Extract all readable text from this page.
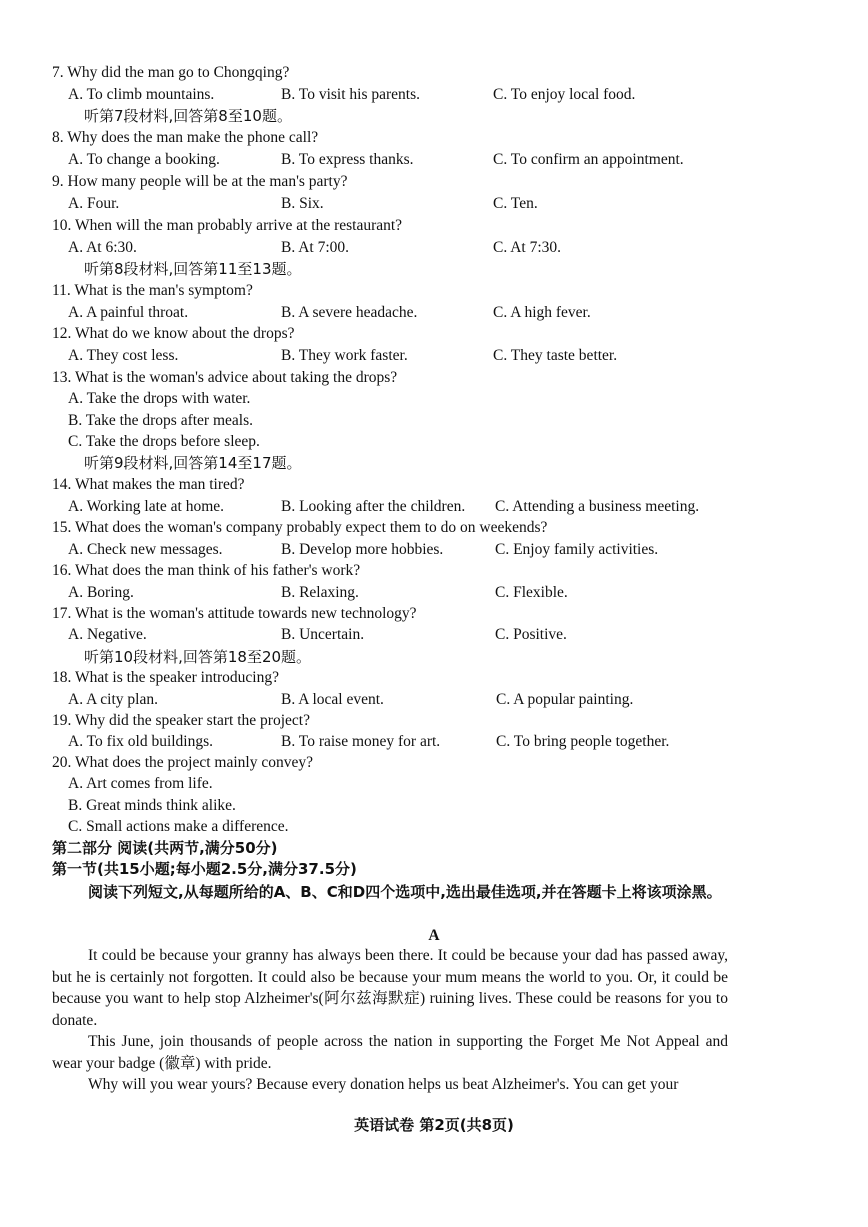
7. Why did the man go to Chongqing?
A. To climb mountains.	B. To visit his parents.	C. To enjoy local food.
听第7段材料,回答第8至10题。
8. Why does the man make the phone call?
A. To change a booking.	B. To express thanks.	C. To confirm an appointment.
9. How many people will be at the man's party?
A. Four.	B. Six.	C. Ten.
10. When will the man probably arrive at the restaurant?
A. At 6:30.	B. At 7:00.	C. At 7:30.
听第8段材料,回答第11至13题。
11. What is the man's symptom?
A. A painful throat.	B. A severe headache.	C. A high fever.
12. What do we know about the drops?
A. They cost less.	B. They work faster.	C. They taste better.
13. What is the woman's advice about taking the drops?
A. Take the drops with water.
B. Take the drops after meals.
C. Take the drops before sleep.
听第9段材料,回答第14至17题。
14. What makes the man tired?
A. Working late at home.	B. Looking after the children. C. Attending a business meeting.
15. What does the woman's company probably expect them to do on weekends?
A. Check new messages.	B. Develop more hobbies.	C. Enjoy family activities.
16. What does the man think of his father's work?
A. Boring.	B. Relaxing.	C. Flexible.
17. What is the woman's attitude towards new technology?
A. Negative.	B. Uncertain.	C. Positive.
听第10段材料,回答第18至20题。
18. What is the speaker introducing?
A. A city plan.	B. A local event.	C. A popular painting.
19. Why did the speaker start the project?
A. To fix old buildings.	B. To raise money for art.	C. To bring people together.
20. What does the project mainly convey?
A. Art comes from life.
B. Great minds think alike.
C. Small actions make a difference.
第二部分 阅读(共两节,满分50分)
第一节(共15小题;每小题2.5分,满分37.5分)
阅读下列短文,从每题所给的A、B、C和D四个选项中,选出最佳选项,并在答题卡上将该项涂黑。
A
It could be because your granny has always been there. It could be because your dad has passed away, but he is certainly not forgotten. It could also be because your mum means the world to you. Or, it could be because you want to help stop Alzheimer's(阿尔兹海默症) ruining lives. These could be reasons for you to donate.
This June, join thousands of people across the nation in supporting the Forget Me Not Appeal and wear your badge (徽章) with pride.
Why will you wear yours? Because every donation helps us beat Alzheimer's. You can get your
英语试卷 第2页(共8页)
